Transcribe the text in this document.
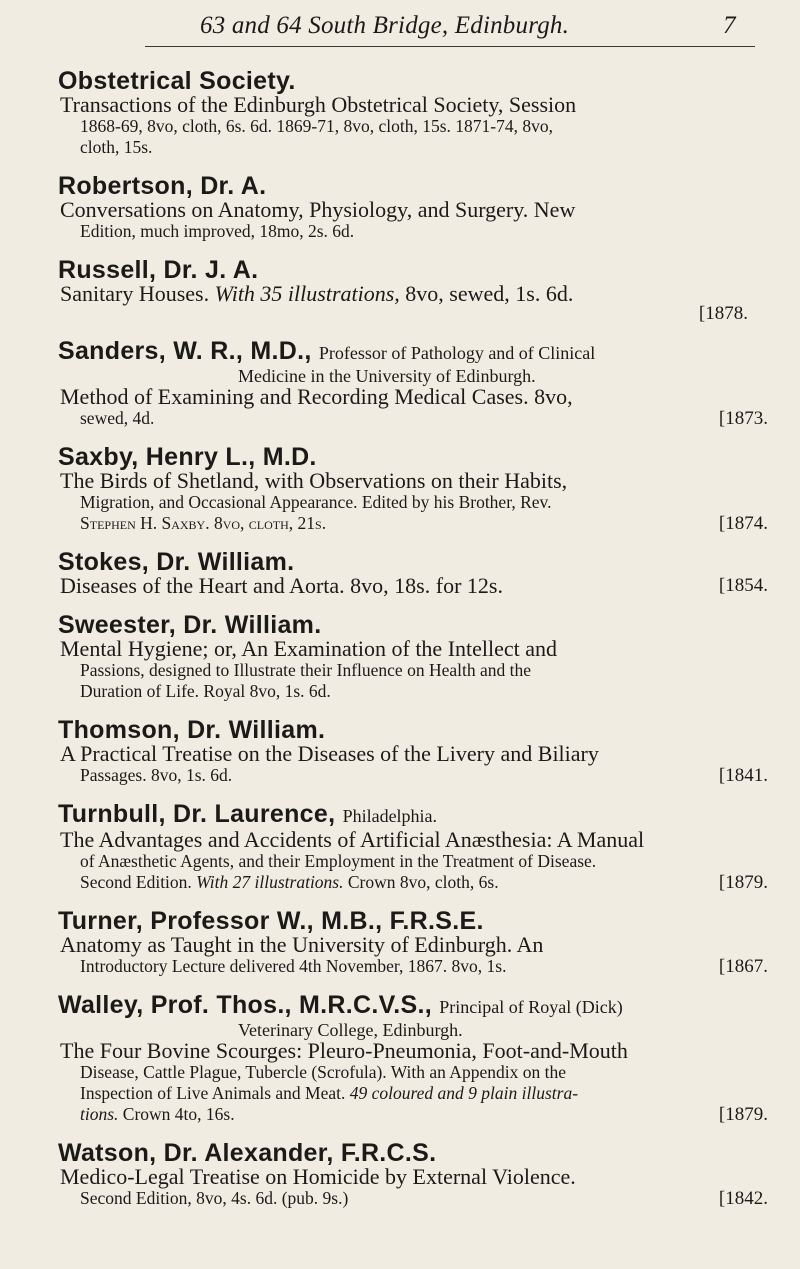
63 and 64 South Bridge, Edinburgh.	7
Obstetrical Society.
Transactions of the Edinburgh Obstetrical Society, Session
1868-69, 8vo, cloth, 6s. 6d. 1869-71, 8vo, cloth, 15s. 1871-74, 8vo,
cloth, 15s.
Robertson, Dr. A.
Conversations on Anatomy, Physiology, and Surgery. New
Edition, much improved, 18mo, 2s. 6d.
Russell, Dr. J. A.
Sanitary Houses. With 35 illustrations, 8vo, sewed, 1s. 6d.
[1878.
Sanders, W. R., M.D., Professor of Pathology and of Clinical
Medicine in the University of Edinburgh.
Method of Examining and Recording Medical Cases. 8vo,
sewed, 4d.	[1873.
Saxby, Henry L., M.D.
The Birds of Shetland, with Observations on their Habits,
Migration, and Occasional Appearance. Edited by his Brother, Rev.
Stephen H. Saxby. 8vo, cloth, 21s.	[1874.
Stokes, Dr. William.
Diseases of the Heart and Aorta. 8vo, 18s. for 12s.	[1854.
Sweester, Dr. William.
Mental Hygiene; or, An Examination of the Intellect and
Passions, designed to Illustrate their Influence on Health and the
Duration of Life. Royal 8vo, 1s. 6d.
Thomson, Dr. William.
A Practical Treatise on the Diseases of the Livery and Biliary
Passages. 8vo, 1s. 6d.	[1841.
Turnbull, Dr. Laurence, Philadelphia.
The Advantages and Accidents of Artificial Anæsthesia: A Manual
of Anæsthetic Agents, and their Employment in the Treatment of Disease.
Second Edition. With 27 illustrations. Crown 8vo, cloth, 6s.	[1879.
Turner, Professor W., M.B., F.R.S.E.
Anatomy as Taught in the University of Edinburgh. An
Introductory Lecture delivered 4th November, 1867. 8vo, 1s.	[1867.
Walley, Prof. Thos., M.R.C.V.S., Principal of Royal (Dick)
Veterinary College, Edinburgh.
The Four Bovine Scourges: Pleuro-Pneumonia, Foot-and-Mouth
Disease, Cattle Plague, Tubercle (Scrofula). With an Appendix on the
Inspection of Live Animals and Meat. 49 coloured and 9 plain illustra-
tions. Crown 4to, 16s.	[1879.
Watson, Dr. Alexander, F.R.C.S.
Medico-Legal Treatise on Homicide by External Violence.
Second Edition, 8vo, 4s. 6d. (pub. 9s.)	[1842.
